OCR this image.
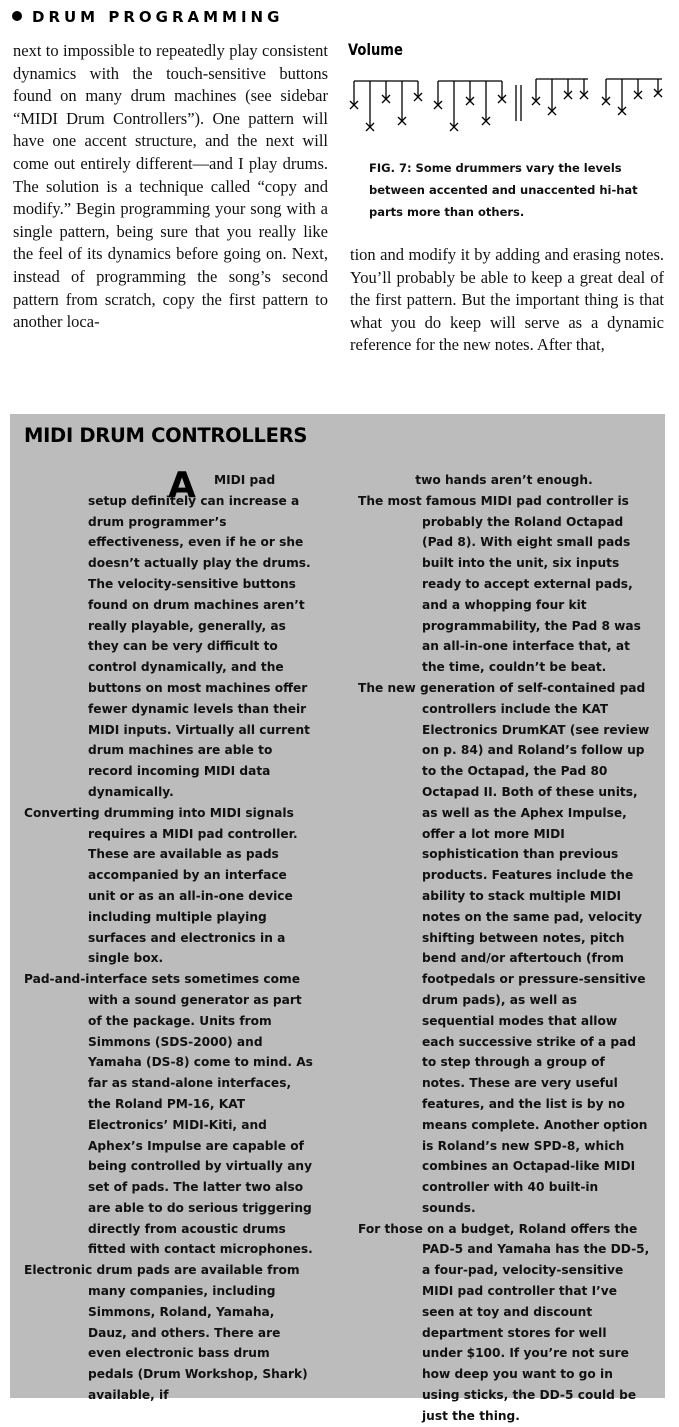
DRUM PROGRAMMING

next to impossible to repeatedly play consistent dynamics with the touch-sensitive buttons found on many drum machines (see sidebar “MIDI Drum Controllers”). One pattern will have one accent structure, and the next will come out entirely different—and I play drums. The solution is a technique called “copy and modify.” Begin programming your song with a single pattern, being sure that you really like the feel of its dynamics before going on. Next, instead of programming the song’s second pattern from scratch, copy the first pattern to another loca-

Volume
FIG. 7: Some drummers vary the levels between accented and unaccented hi-hat parts more than others.

tion and modify it by adding and erasing notes. You’ll probably be able to keep a great deal of the first pattern. But the important thing is that what you do keep will serve as a dynamic reference for the new notes. After that,

MIDI DRUM CONTROLLERS
A	MIDI pad setup definitely can increase a drum programmer’s effectiveness, even if he or she doesn’t actually play the drums. The velocity-sensitive buttons found on drum machines aren’t really playable, generally, as they can be very difficult to control dynamically, and the buttons on most machines offer fewer dynamic levels than their MIDI inputs. Virtually all current drum machines are able to record incoming MIDI data dynamically.

Converting drumming into MIDI signals requires a MIDI pad controller. These are available as pads accompanied by an interface unit or as an all-in-one device including multiple playing surfaces and electronics in a single box.

Pad-and-interface sets sometimes come with a sound generator as part of the package. Units from Simmons (SDS-2000) and Yamaha (DS-8) come to mind. As far as stand-alone interfaces, the Roland PM-16, KAT Electronics’ MIDI-Kiti, and Aphex’s Impulse are capable of being controlled by virtually any set of pads. The latter two also are able to do serious triggering directly from acoustic drums fitted with contact microphones.

Electronic drum pads are available from many companies, including Simmons, Roland, Yamaha, Dauz, and others. There are even electronic bass drum pedals (Drum Workshop, Shark) available, if

two hands aren’t enough.

The most famous MIDI pad controller is probably the Roland Octapad (Pad 8). With eight small pads built into the unit, six inputs ready to accept external pads, and a whopping four kit programmability, the Pad 8 was an all-in-one interface that, at the time, couldn’t be beat.

The new generation of self-contained pad controllers include the KAT Electronics DrumKAT (see review on p. 84) and Roland’s follow up to the Octapad, the Pad 80 Octapad II. Both of these units, as well as the Aphex Impulse, offer a lot more MIDI sophistication than previous products. Features include the ability to stack multiple MIDI notes on the same pad, velocity shifting between notes, pitch bend and/or aftertouch (from footpedals or pressure-sensitive drum pads), as well as sequential modes that allow each successive strike of a pad to step through a group of notes. These are very useful features, and the list is by no means complete. Another option is Roland’s new SPD-8, which combines an Octapad-like MIDI controller with 40 built-in sounds.

For those on a budget, Roland offers the PAD-5 and Yamaha has the DD-5, a four-pad, velocity-sensitive MIDI pad controller that I’ve seen at toy and discount department stores for well under $100. If you’re not sure how deep you want to go in using sticks, the DD-5 could be just the thing.
